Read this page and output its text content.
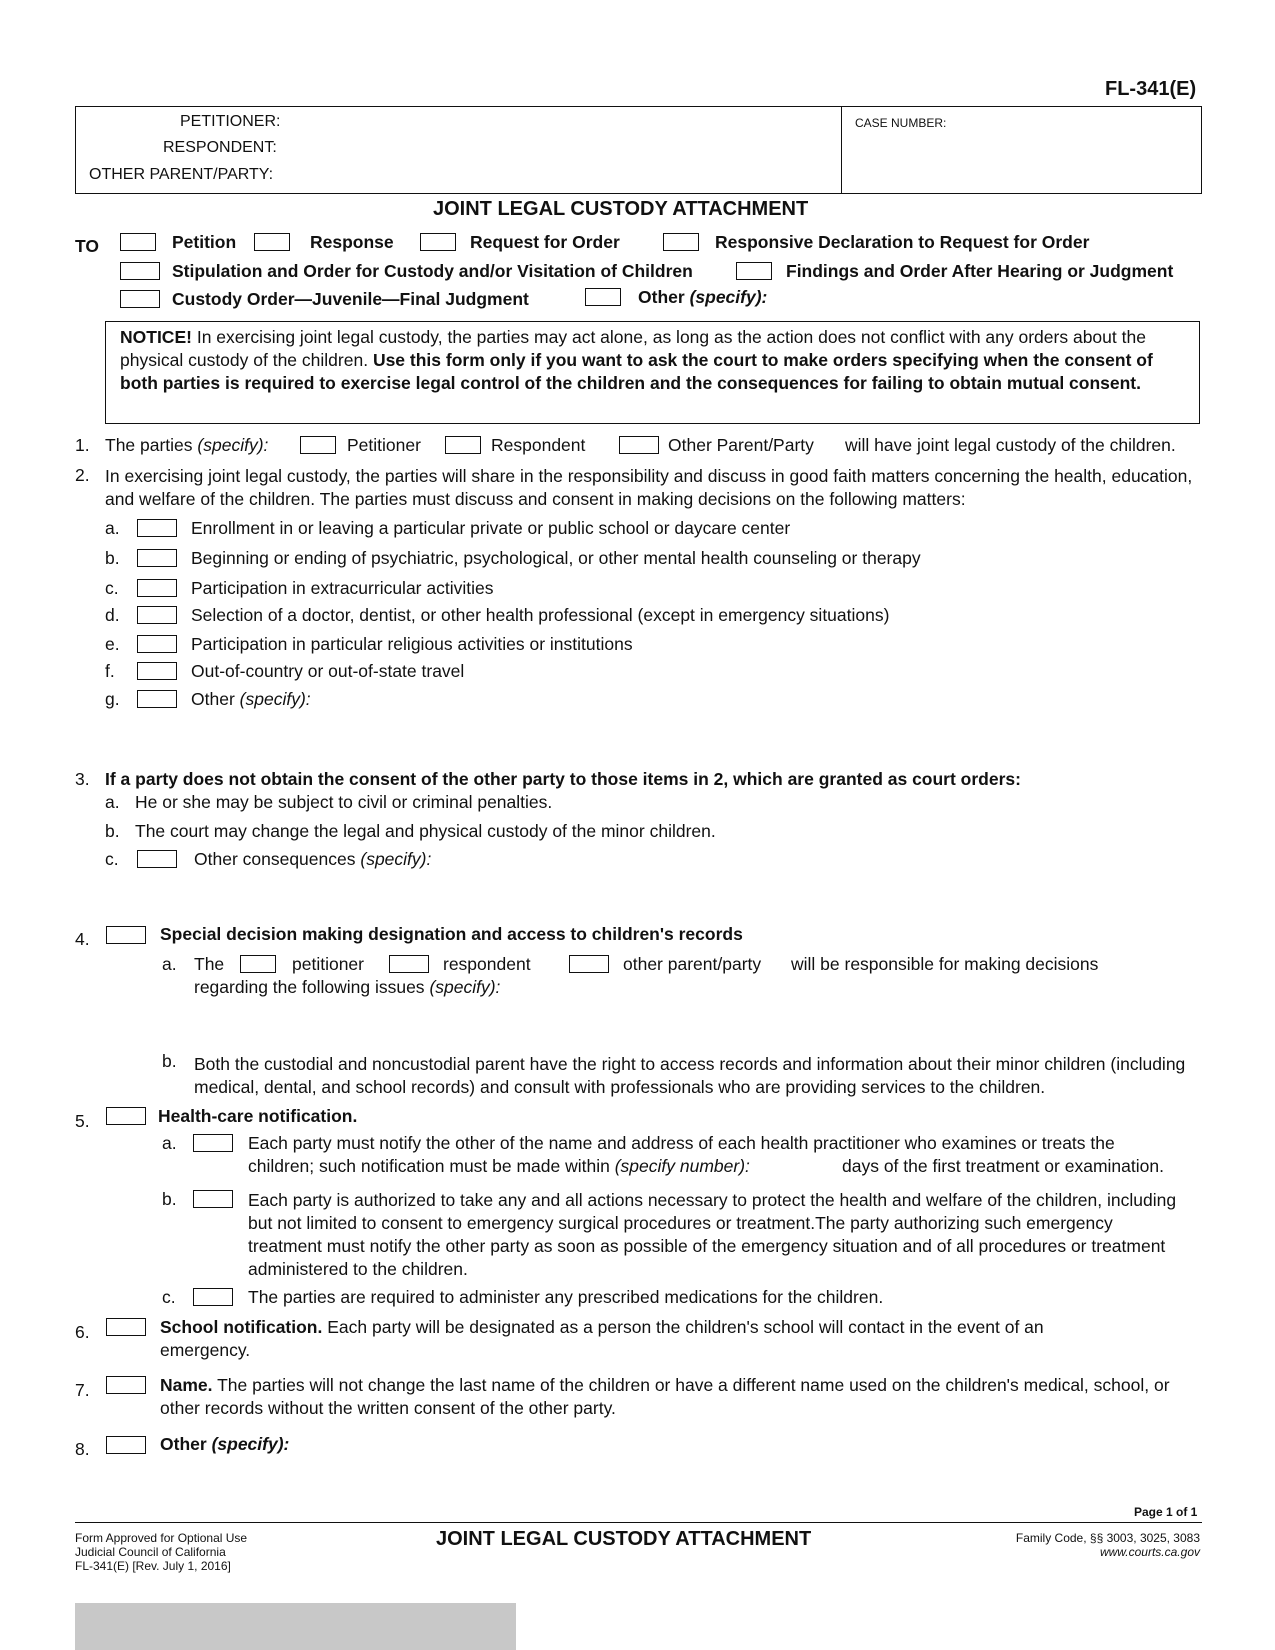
FL-341(E)
PETITIONER:
RESPONDENT:
OTHER PARENT/PARTY:
CASE NUMBER:
JOINT LEGAL CUSTODY ATTACHMENT
TO	Petition	Response	Request for Order	Responsive Declaration to Request for Order
Stipulation and Order for Custody and/or Visitation of Children	Findings and Order After Hearing or Judgment
Custody Order—Juvenile—Final Judgment	Other (specify):
NOTICE! In exercising joint legal custody, the parties may act alone, as long as the action does not conflict with any orders about the physical custody of the children. Use this form only if you want to ask the court to make orders specifying when the consent of both parties is required to exercise legal control of the children and the consequences for failing to obtain mutual consent.
1. The parties (specify):	Petitioner	Respondent	Other Parent/Party will have joint legal custody of the children.
2. In exercising joint legal custody, the parties will share in the responsibility and discuss in good faith matters concerning the health, education, and welfare of the children. The parties must discuss and consent in making decisions on the following matters:
a.	Enrollment in or leaving a particular private or public school or daycare center
b.	Beginning or ending of psychiatric, psychological, or other mental health counseling or therapy
c.	Participation in extracurricular activities
d.	Selection of a doctor, dentist, or other health professional (except in emergency situations)
e.	Participation in particular religious activities or institutions
f.	Out-of-country or out-of-state travel
g.	Other (specify):
3. If a party does not obtain the consent of the other party to those items in 2, which are granted as court orders:
a. He or she may be subject to civil or criminal penalties.
b. The court may change the legal and physical custody of the minor children.
c.	Other consequences (specify):
4.	Special decision making designation and access to children's records
a. The	petitioner	respondent	other parent/party will be responsible for making decisions
regarding the following issues (specify):
b. Both the custodial and noncustodial parent have the right to access records and information about their minor children (including medical, dental, and school records) and consult with professionals who are providing services to the children.
5.	Health-care notification.
a.	Each party must notify the other of the name and address of each health practitioner who examines or treats the
children; such notification must be made within (specify number):	days of the first treatment or examination.
b.	Each party is authorized to take any and all actions necessary to protect the health and welfare of the children, including but not limited to consent to emergency surgical procedures or treatment.The party authorizing such emergency treatment must notify the other party as soon as possible of the emergency situation and of all procedures or treatment administered to the children.
c.	The parties are required to administer any prescribed medications for the children.
6.	School notification. Each party will be designated as a person the children's school will contact in the event of an emergency.
7.	Name. The parties will not change the last name of the children or have a different name used on the children's medical, school, or other records without the written consent of the other party.
8.	Other (specify):
Page 1 of 1
Form Approved for Optional Use
Judicial Council of California
FL-341(E) [Rev. July 1, 2016]
JOINT LEGAL CUSTODY ATTACHMENT	Family Code, §§ 3003, 3025, 3083
www.courts.ca.gov
